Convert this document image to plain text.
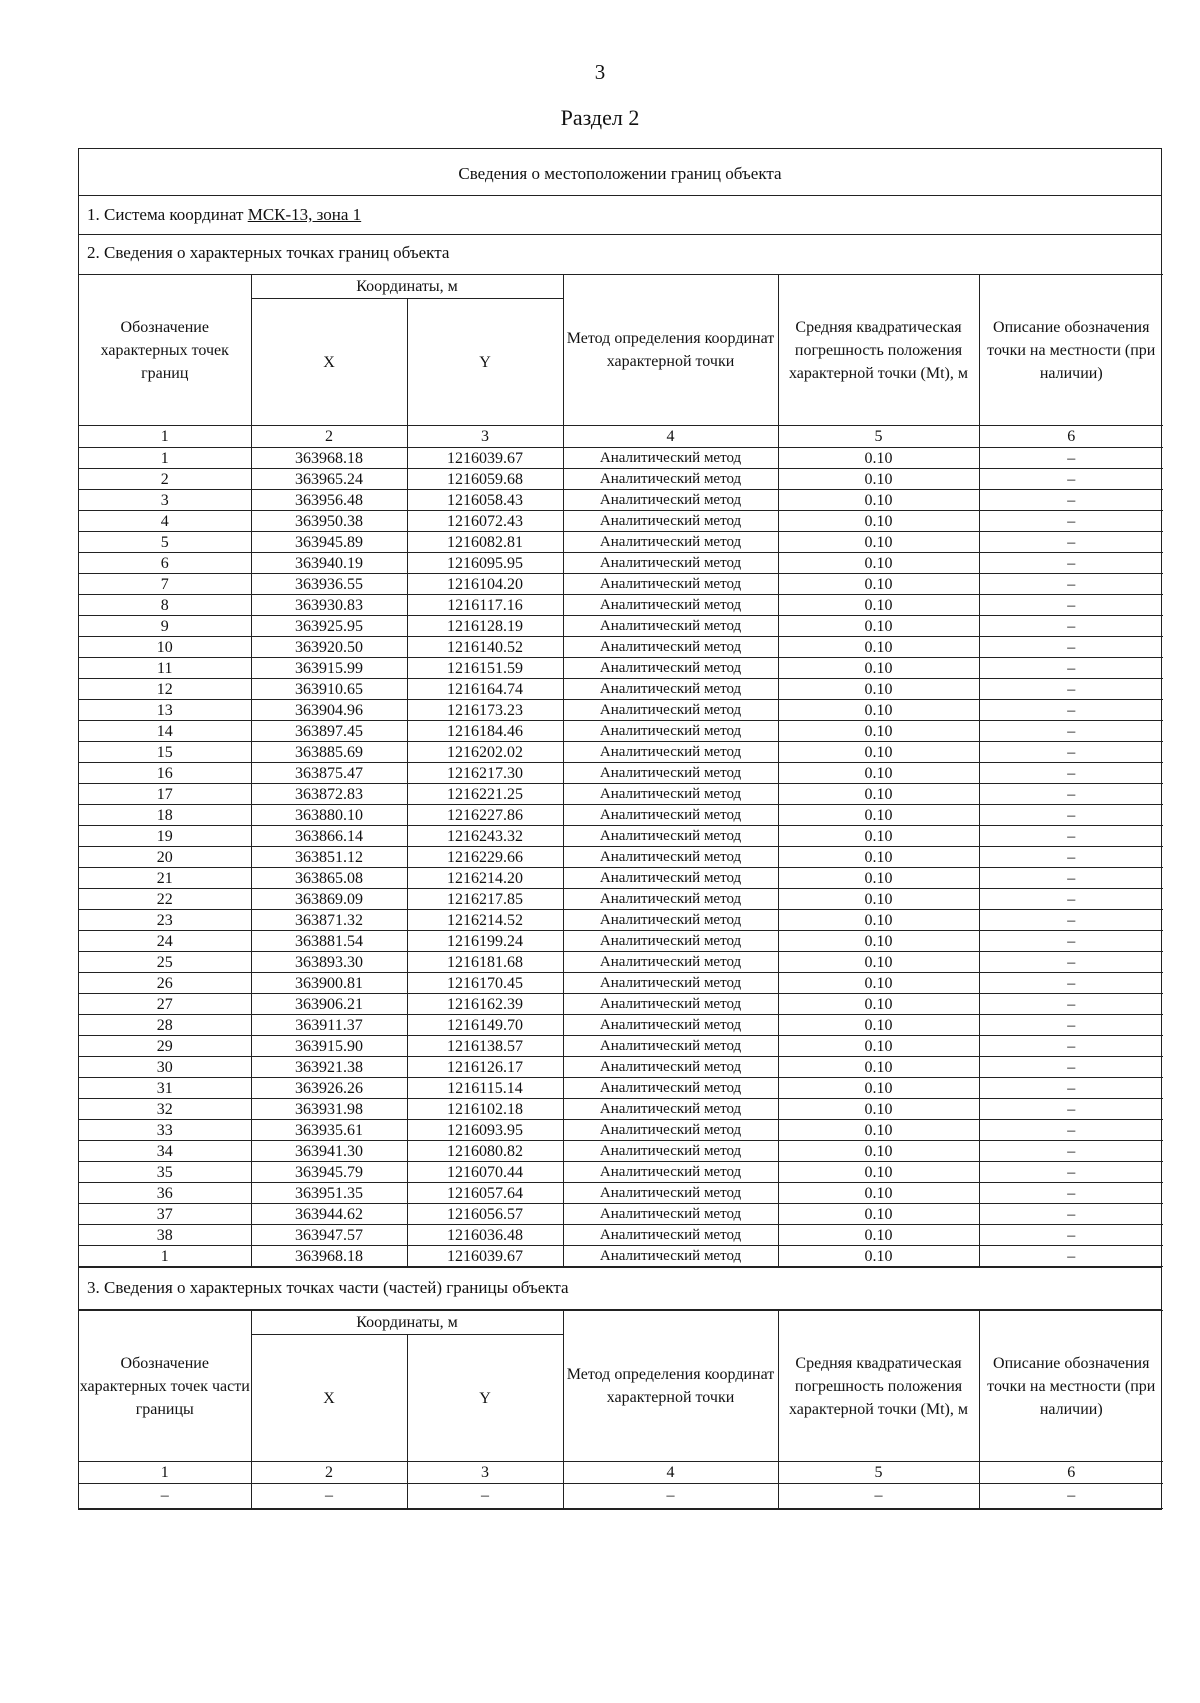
3
Раздел 2
Сведения о местоположении границ объекта
1. Система координат МСК-13, зона 1
2. Сведения о характерных точках границ объекта
Обозначение характерных точек границ	Координаты, м		Метод определения координат характерной точки	Средняя квадратическая погрешность положения характерной точки (Mt), м	Описание обозначения точки на местности (при наличии)
	X	Y			
1	2	3	4	5	6
1	363968.18	1216039.67	Аналитический метод	0.10	–
2	363965.24	1216059.68	Аналитический метод	0.10	–
3	363956.48	1216058.43	Аналитический метод	0.10	–
4	363950.38	1216072.43	Аналитический метод	0.10	–
5	363945.89	1216082.81	Аналитический метод	0.10	–
6	363940.19	1216095.95	Аналитический метод	0.10	–
7	363936.55	1216104.20	Аналитический метод	0.10	–
8	363930.83	1216117.16	Аналитический метод	0.10	–
9	363925.95	1216128.19	Аналитический метод	0.10	–
10	363920.50	1216140.52	Аналитический метод	0.10	–
11	363915.99	1216151.59	Аналитический метод	0.10	–
12	363910.65	1216164.74	Аналитический метод	0.10	–
13	363904.96	1216173.23	Аналитический метод	0.10	–
14	363897.45	1216184.46	Аналитический метод	0.10	–
15	363885.69	1216202.02	Аналитический метод	0.10	–
16	363875.47	1216217.30	Аналитический метод	0.10	–
17	363872.83	1216221.25	Аналитический метод	0.10	–
18	363880.10	1216227.86	Аналитический метод	0.10	–
19	363866.14	1216243.32	Аналитический метод	0.10	–
20	363851.12	1216229.66	Аналитический метод	0.10	–
21	363865.08	1216214.20	Аналитический метод	0.10	–
22	363869.09	1216217.85	Аналитический метод	0.10	–
23	363871.32	1216214.52	Аналитический метод	0.10	–
24	363881.54	1216199.24	Аналитический метод	0.10	–
25	363893.30	1216181.68	Аналитический метод	0.10	–
26	363900.81	1216170.45	Аналитический метод	0.10	–
27	363906.21	1216162.39	Аналитический метод	0.10	–
28	363911.37	1216149.70	Аналитический метод	0.10	–
29	363915.90	1216138.57	Аналитический метод	0.10	–
30	363921.38	1216126.17	Аналитический метод	0.10	–
31	363926.26	1216115.14	Аналитический метод	0.10	–
32	363931.98	1216102.18	Аналитический метод	0.10	–
33	363935.61	1216093.95	Аналитический метод	0.10	–
34	363941.30	1216080.82	Аналитический метод	0.10	–
35	363945.79	1216070.44	Аналитический метод	0.10	–
36	363951.35	1216057.64	Аналитический метод	0.10	–
37	363944.62	1216056.57	Аналитический метод	0.10	–
38	363947.57	1216036.48	Аналитический метод	0.10	–
1	363968.18	1216039.67	Аналитический метод	0.10	–
3. Сведения о характерных точках части (частей) границы объекта
Обозначение характерных точек части границы	Координаты, м		Метод определения координат характерной точки	Средняя квадратическая погрешность положения характерной точки (Mt), м	Описание обозначения точки на местности (при наличии)
	X	Y			
1	2	3	4	5	6
–	–	–	–	–	–
